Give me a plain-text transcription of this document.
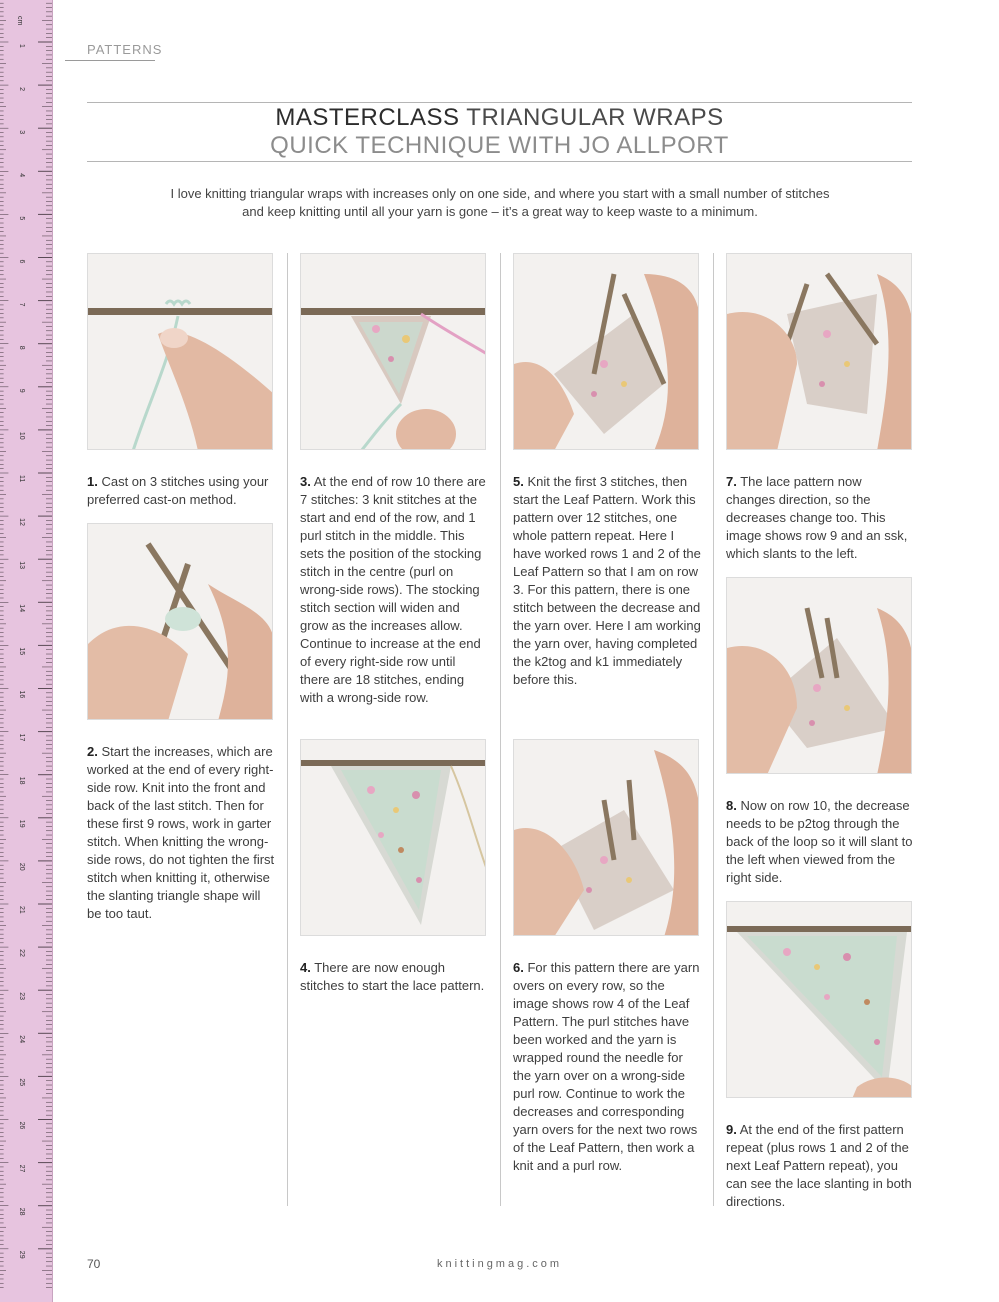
cm
1
2
3
4
5
6
7
8
9
10
11
12
13
14
15
16
17
18
19
20
21
22
23
24
25
26
27
28
29
PATTERNS
MASTERCLASS TRIANGULAR WRAPS
QUICK TECHNIQUE WITH JO ALLPORT
I love knitting triangular wraps with increases only on one side, and where you start with a small number of stitches
and keep knitting until all your yarn is gone – it’s a great way to keep waste to a minimum.
1. Cast on 3 stitches using your preferred cast-on method.
2. Start the increases, which are worked at the end of every right-side row. Knit into the front and back of the last stitch. Then for these first 9 rows, work in garter stitch. When knitting the wrong-side rows, do not tighten the first stitch when knitting it, otherwise the slanting triangle shape will be too taut.
3. At the end of row 10 there are 7 stitches: 3 knit stitches at the start and end of the row, and 1 purl stitch in the middle. This sets the position of the stocking stitch in the centre (purl on wrong-side rows). The stocking stitch section will widen and grow as the increases allow. Continue to increase at the end of every right-side row until there are 18 stitches, ending with a wrong-side row.
4. There are now enough stitches to start the lace pattern.
5. Knit the first 3 stitches, then start the Leaf Pattern. Work this pattern over 12 stitches, one whole pattern repeat. Here I have worked rows 1 and 2 of the Leaf Pattern so that I am on row 3. For this pattern, there is one stitch between the decrease and the yarn over. Here I am working the yarn over, having completed the k2tog and k1 immediately before this.
6. For this pattern there are yarn overs on every row, so the image shows row 4 of the Leaf Pattern. The purl stitches have been worked and the yarn is wrapped round the needle for the yarn over on a wrong-side purl row. Continue to work the decreases and corresponding yarn overs for the next two rows of the Leaf Pattern, then work a knit and a purl row.
7. The lace pattern now changes direction, so the decreases change too. This image shows row 9 and an ssk, which slants to the left.
8. Now on row 10, the decrease needs to be p2tog through the back of the loop so it will slant to the left when viewed from the right side.
9. At the end of the first pattern repeat (plus rows 1 and 2 of the next Leaf Pattern repeat), you can see the lace slanting in both directions.
70	knittingmag.com
